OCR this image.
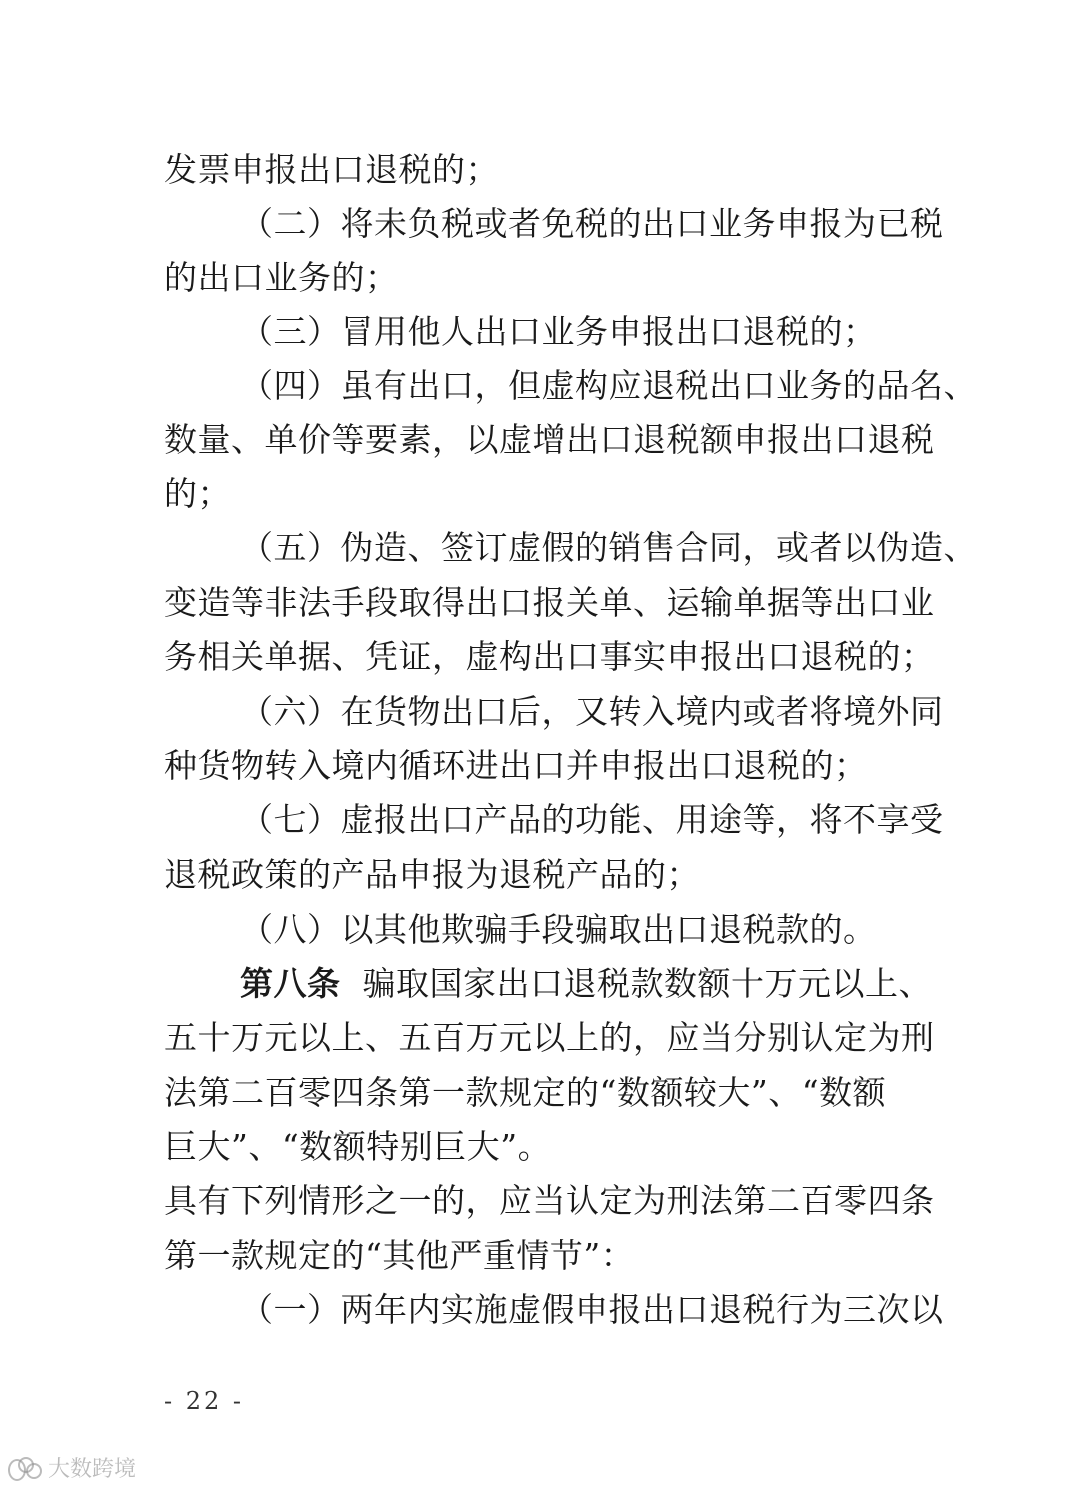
发票申报出口退税的；
（二）将未负税或者免税的出口业务申报为已税
的出口业务的；
（三）冒用他人出口业务申报出口退税的；
（四）虽有出口，但虚构应退税出口业务的品名、
数量、单价等要素，以虚增出口退税额申报出口退税
的；
（五）伪造、签订虚假的销售合同，或者以伪造、
变造等非法手段取得出口报关单、运输单据等出口业
务相关单据、凭证，虚构出口事实申报出口退税的；
（六）在货物出口后，又转入境内或者将境外同
种货物转入境内循环进出口并申报出口退税的；
（七）虚报出口产品的功能、用途等，将不享受
退税政策的产品申报为退税产品的；
（八）以其他欺骗手段骗取出口退税款的。
第八条 骗取国家出口退税款数额十万元以上、
五十万元以上、五百万元以上的，应当分别认定为刑
法第二百零四条第一款规定的“数额较大”、“数额
巨大”、“数额特别巨大”。
具有下列情形之一的，应当认定为刑法第二百零四条
第一款规定的“其他严重情节”：
（一）两年内实施虚假申报出口退税行为三次以
- 22 -
大数跨境
